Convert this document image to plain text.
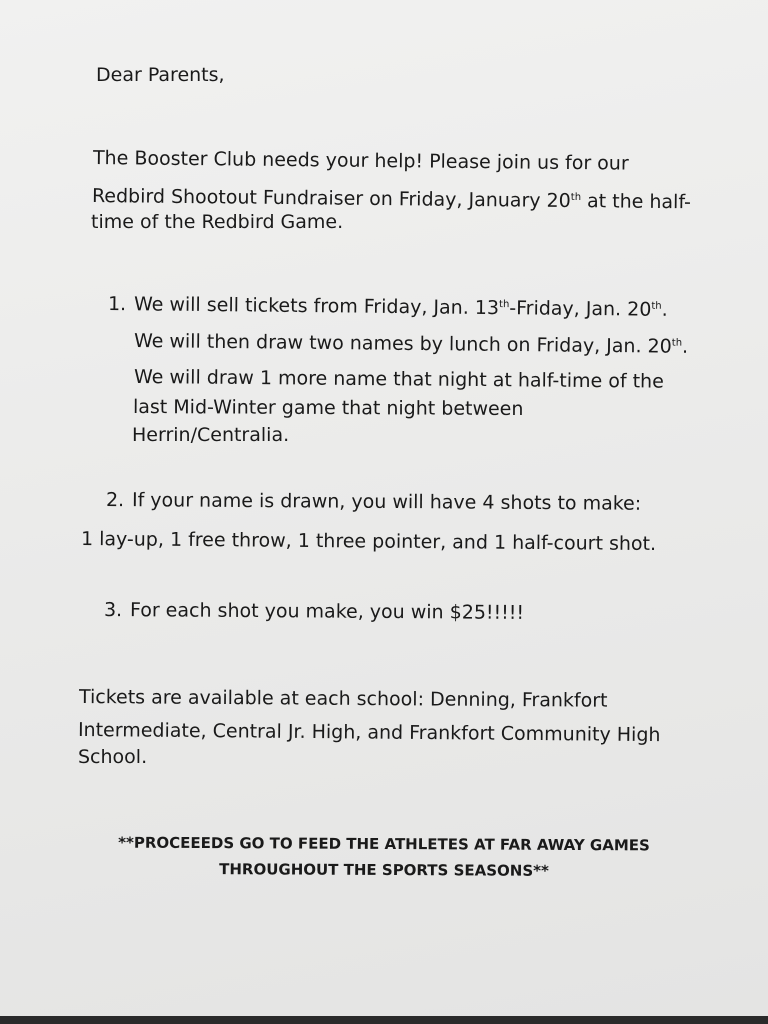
Dear Parents,
The Booster Club needs your help! Please join us for our
Redbird Shootout Fundraiser on Friday, January 20th at the half-
time of the Redbird Game.
1. We will sell tickets from Friday, Jan. 13th-Friday, Jan. 20th.
We will then draw two names by lunch on Friday, Jan. 20th.
We will draw 1 more name that night at half-time of the
last Mid-Winter game that night between
Herrin/Centralia.
2. If your name is drawn, you will have 4 shots to make:
1 lay-up, 1 free throw, 1 three pointer, and 1 half-court shot.
3. For each shot you make, you win $25!!!!!
Tickets are available at each school: Denning, Frankfort
Intermediate, Central Jr. High, and Frankfort Community High
School.
**PROCEEEDS GO TO FEED THE ATHLETES AT FAR AWAY GAMES
THROUGHOUT THE SPORTS SEASONS**
